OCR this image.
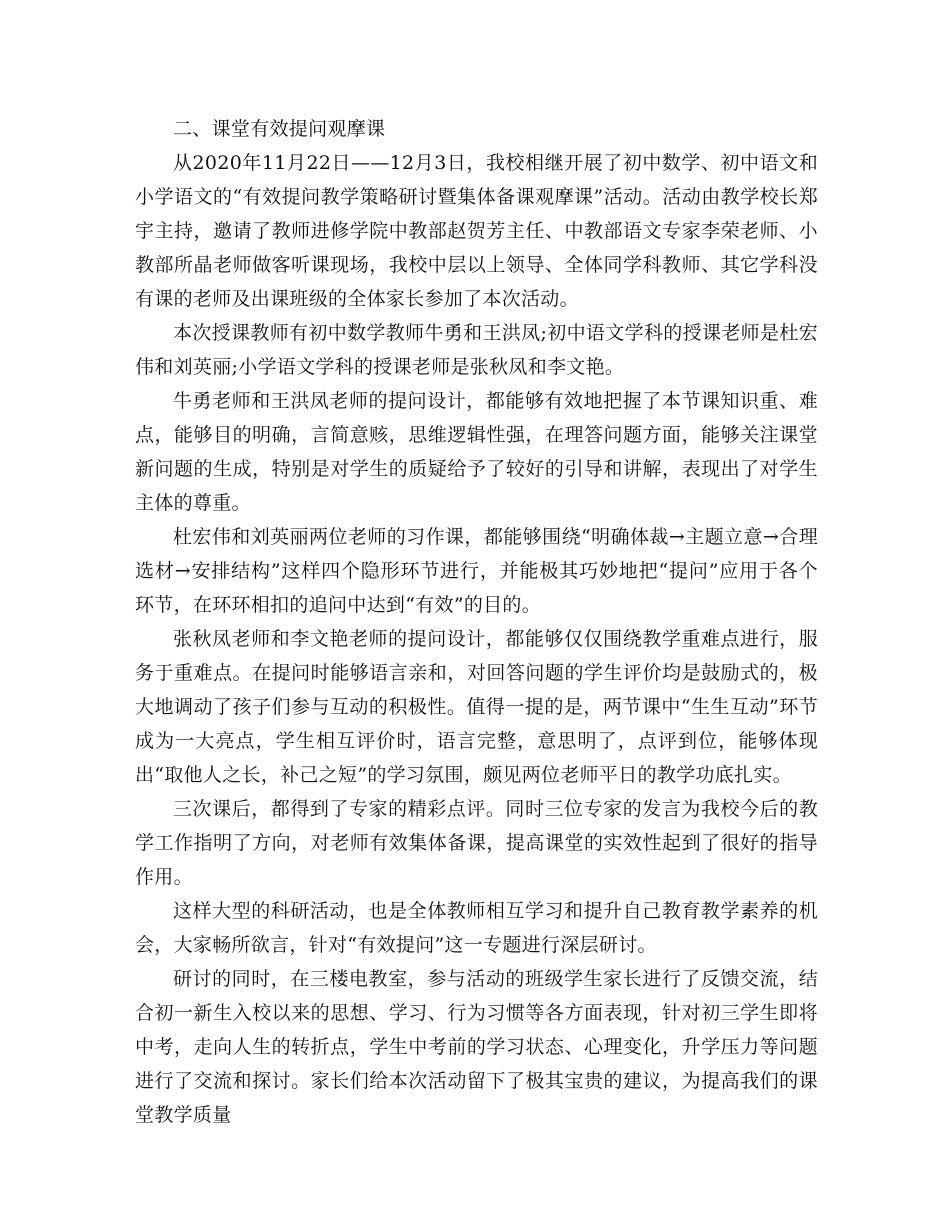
二、课堂有效提问观摩课

从2020年11月22日——12月3日，我校相继开展了初中数学、初中语文和小学语文的“有效提问教学策略研讨暨集体备课观摩课”活动。活动由教学校长郑宇主持，邀请了教师进修学院中教部赵贺芳主任、中教部语文专家李荣老师、小教部所晶老师做客听课现场，我校中层以上领导、全体同学科教师、其它学科没有课的老师及出课班级的全体家长参加了本次活动。

本次授课教师有初中数学教师牛勇和王洪凤;初中语文学科的授课老师是杜宏伟和刘英丽;小学语文学科的授课老师是张秋凤和李文艳。

牛勇老师和王洪凤老师的提问设计，都能够有效地把握了本节课知识重、难点，能够目的明确，言简意赅，思维逻辑性强，在理答问题方面，能够关注课堂新问题的生成，特别是对学生的质疑给予了较好的引导和讲解，表现出了对学生主体的尊重。

杜宏伟和刘英丽两位老师的习作课，都能够围绕“明确体裁→主题立意→合理选材→安排结构”这样四个隐形环节进行，并能极其巧妙地把“提问”应用于各个环节，在环环相扣的追问中达到“有效”的目的。

张秋凤老师和李文艳老师的提问设计，都能够仅仅围绕教学重难点进行，服务于重难点。在提问时能够语言亲和，对回答问题的学生评价均是鼓励式的，极大地调动了孩子们参与互动的积极性。值得一提的是，两节课中“生生互动”环节成为一大亮点，学生相互评价时，语言完整，意思明了，点评到位，能够体现出“取他人之长，补己之短”的学习氛围，颇见两位老师平日的教学功底扎实。

三次课后，都得到了专家的精彩点评。同时三位专家的发言为我校今后的教学工作指明了方向，对老师有效集体备课，提高课堂的实效性起到了很好的指导作用。

这样大型的科研活动，也是全体教师相互学习和提升自己教育教学素养的机会，大家畅所欲言，针对“有效提问”这一专题进行深层研讨。

研讨的同时，在三楼电教室，参与活动的班级学生家长进行了反馈交流，结合初一新生入校以来的思想、学习、行为习惯等各方面表现，针对初三学生即将中考，走向人生的转折点，学生中考前的学习状态、心理变化，升学压力等问题进行了交流和探讨。家长们给本次活动留下了极其宝贵的建议，为提高我们的课堂教学质量
